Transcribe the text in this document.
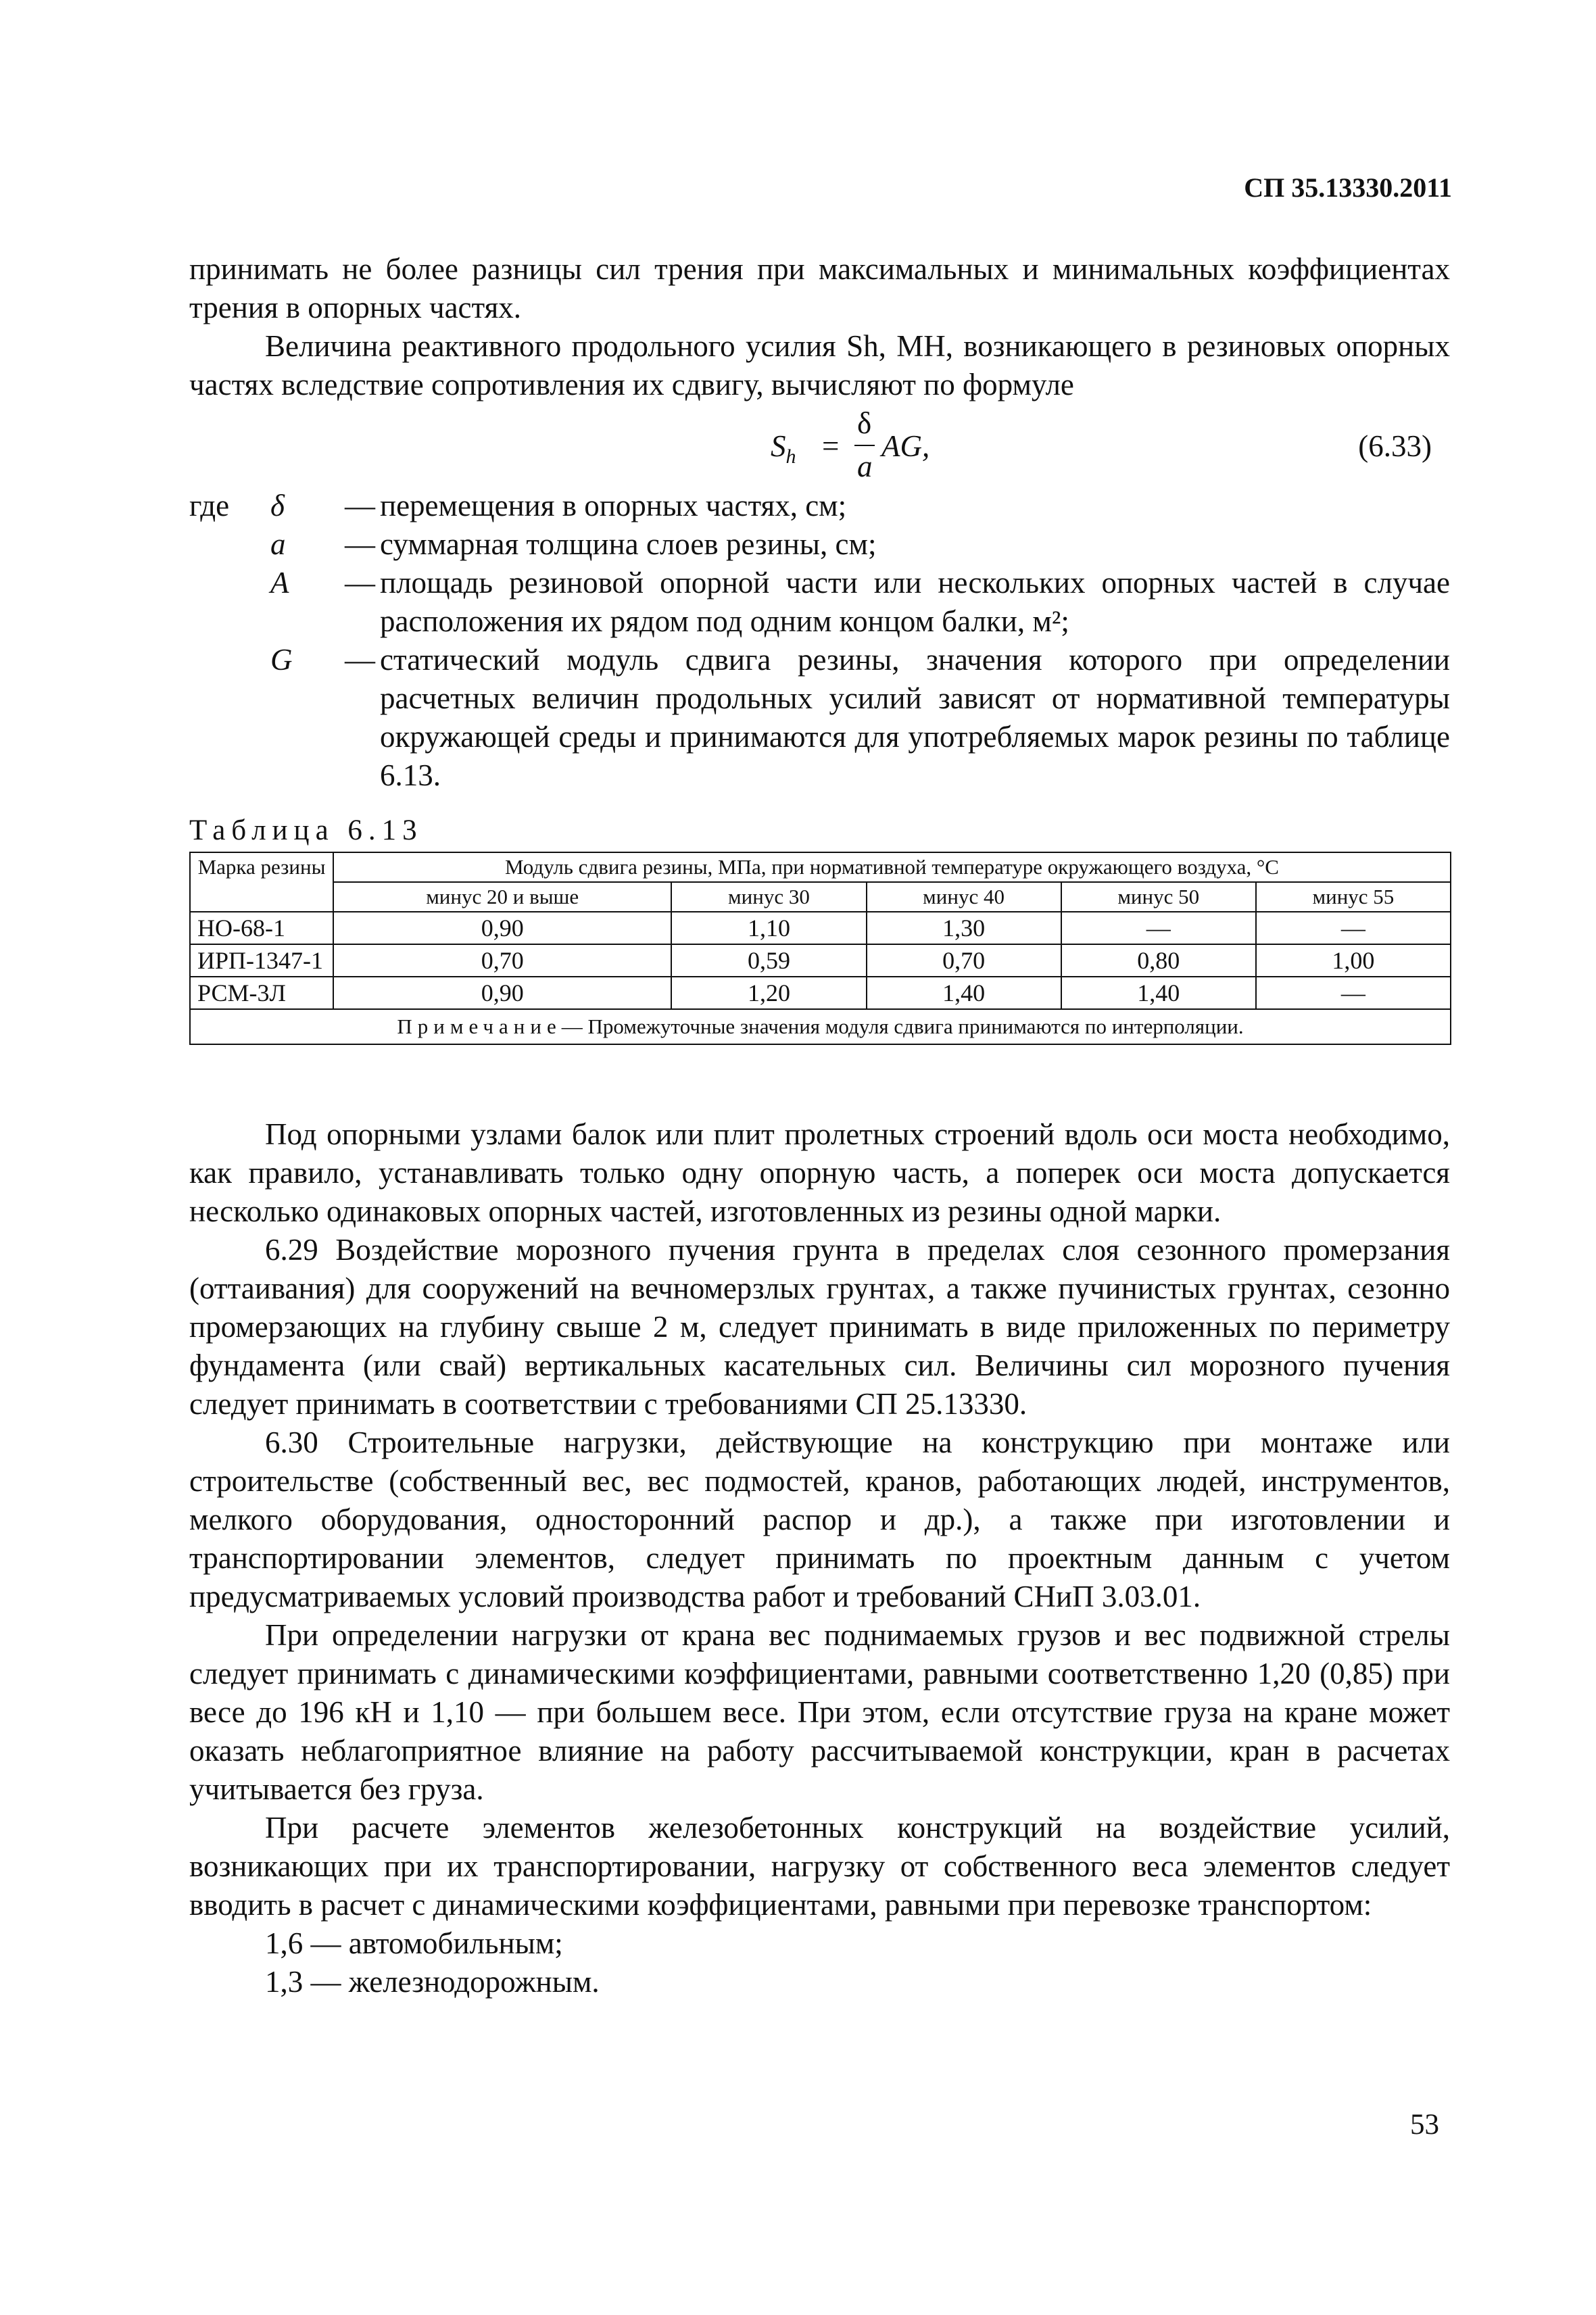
СП 35.13330.2011

принимать не более разницы сил трения при максимальных и минимальных коэффициентах трения в опорных частях.

Величина реактивного продольного усилия Sh, МН, возникающего в резиновых опорных частях вследствие сопротивления их сдвигу, вычисляют по формуле

$S_h$ =
δ
a
AG,	(6.33)
где	δ	— перемещения в опорных частях, см;
a	— суммарная толщина слоев резины, см;
A	— площадь резиновой опорной части или нескольких опорных частей в случае расположения их рядом под одним концом балки, м²;
G	— статический модуль сдвига резины, значения которого при определении расчетных величин продольных усилий зависят от нормативной температуры окружающей среды и принимаются для употребляемых марок резины по таблице 6.13.
Таблица 6.13
Марка резины	Модуль сдвига резины, МПа, при нормативной температуре окружающего воздуха, °С				
	минус 20 и выше	минус 30	минус 40	минус 50	минус 55
НО-68-1	0,90	1,10	1,30	—	—
ИРП-1347-1	0,70	0,59	0,70	0,80	1,00
РСМ-3Л	0,90	1,20	1,40	1,40	—
Примечание— Промежуточные значения модуля сдвига принимаются по интерполяции.					

Под опорными узлами балок или плит пролетных строений вдоль оси моста необходимо, как правило, устанавливать только одну опорную часть, а поперек оси моста допускается несколько одинаковых опорных частей, изготовленных из резины одной марки.

6.29 Воздействие морозного пучения грунта в пределах слоя сезонного промерзания (оттаивания) для сооружений на вечномерзлых грунтах, а также пучинистых грунтах, сезонно промерзающих на глубину свыше 2 м, следует принимать в виде приложенных по периметру фундамента (или свай) вертикальных касательных сил. Величины сил морозного пучения следует принимать в соответствии с требованиями СП 25.13330.

6.30 Строительные нагрузки, действующие на конструкцию при монтаже или строительстве (собственный вес, вес подмостей, кранов, работающих людей, инструментов, мелкого оборудования, односторонний распор и др.), а также при изготовлении и транспортировании элементов, следует принимать по проектным данным с учетом предусматриваемых условий производства работ и требований СНиП 3.03.01.

При определении нагрузки от крана вес поднимаемых грузов и вес подвижной стрелы следует принимать с динамическими коэффициентами, равными соответственно 1,20 (0,85) при весе до 196 кН и 1,10 — при большем весе. При этом, если отсутствие груза на кране может оказать неблагоприятное влияние на работу рассчитываемой конструкции, кран в расчетах учитывается без груза.

При расчете элементов железобетонных конструкций на воздействие усилий, возникающих при их транспортировании, нагрузку от собственного веса элементов следует вводить в расчет с динамическими коэффициентами, равными при перевозке транспортом:

1,6 — автомобильным;

1,3 — железнодорожным.

53
